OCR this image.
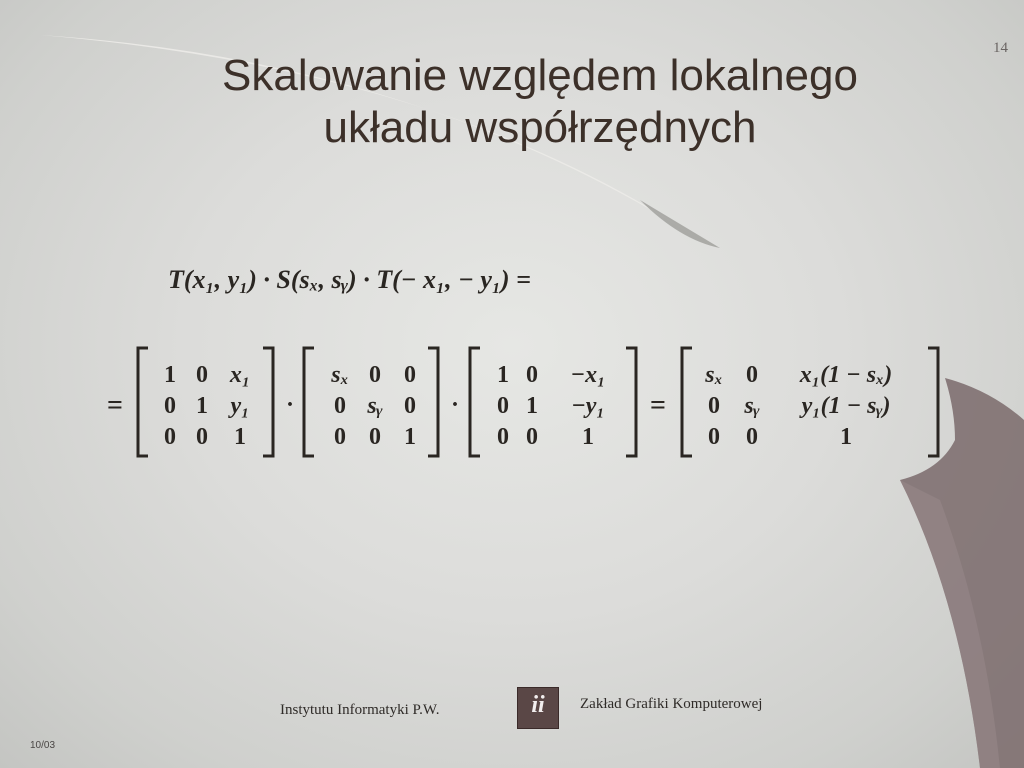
14
Skalowanie względem lokalnego
układu współrzędnych
T(x₁, y₁) · S(sₓ, sᵧ) · T(− x₁, − y₁) =
=
1 0 x₁
0 1 y₁
0 0 1
·
sₓ 0 0
0 sᵧ 0
0 0 1
·
1 0 −x₁
0 1 −y₁
0 0 1
=
sₓ 0 x₁(1 − sₓ)
0 sᵧ y₁(1 − sᵧ)
0 0	1
Instytutu Informatyki P.W.	ii	Zakład Grafiki Komputerowej
10/03
